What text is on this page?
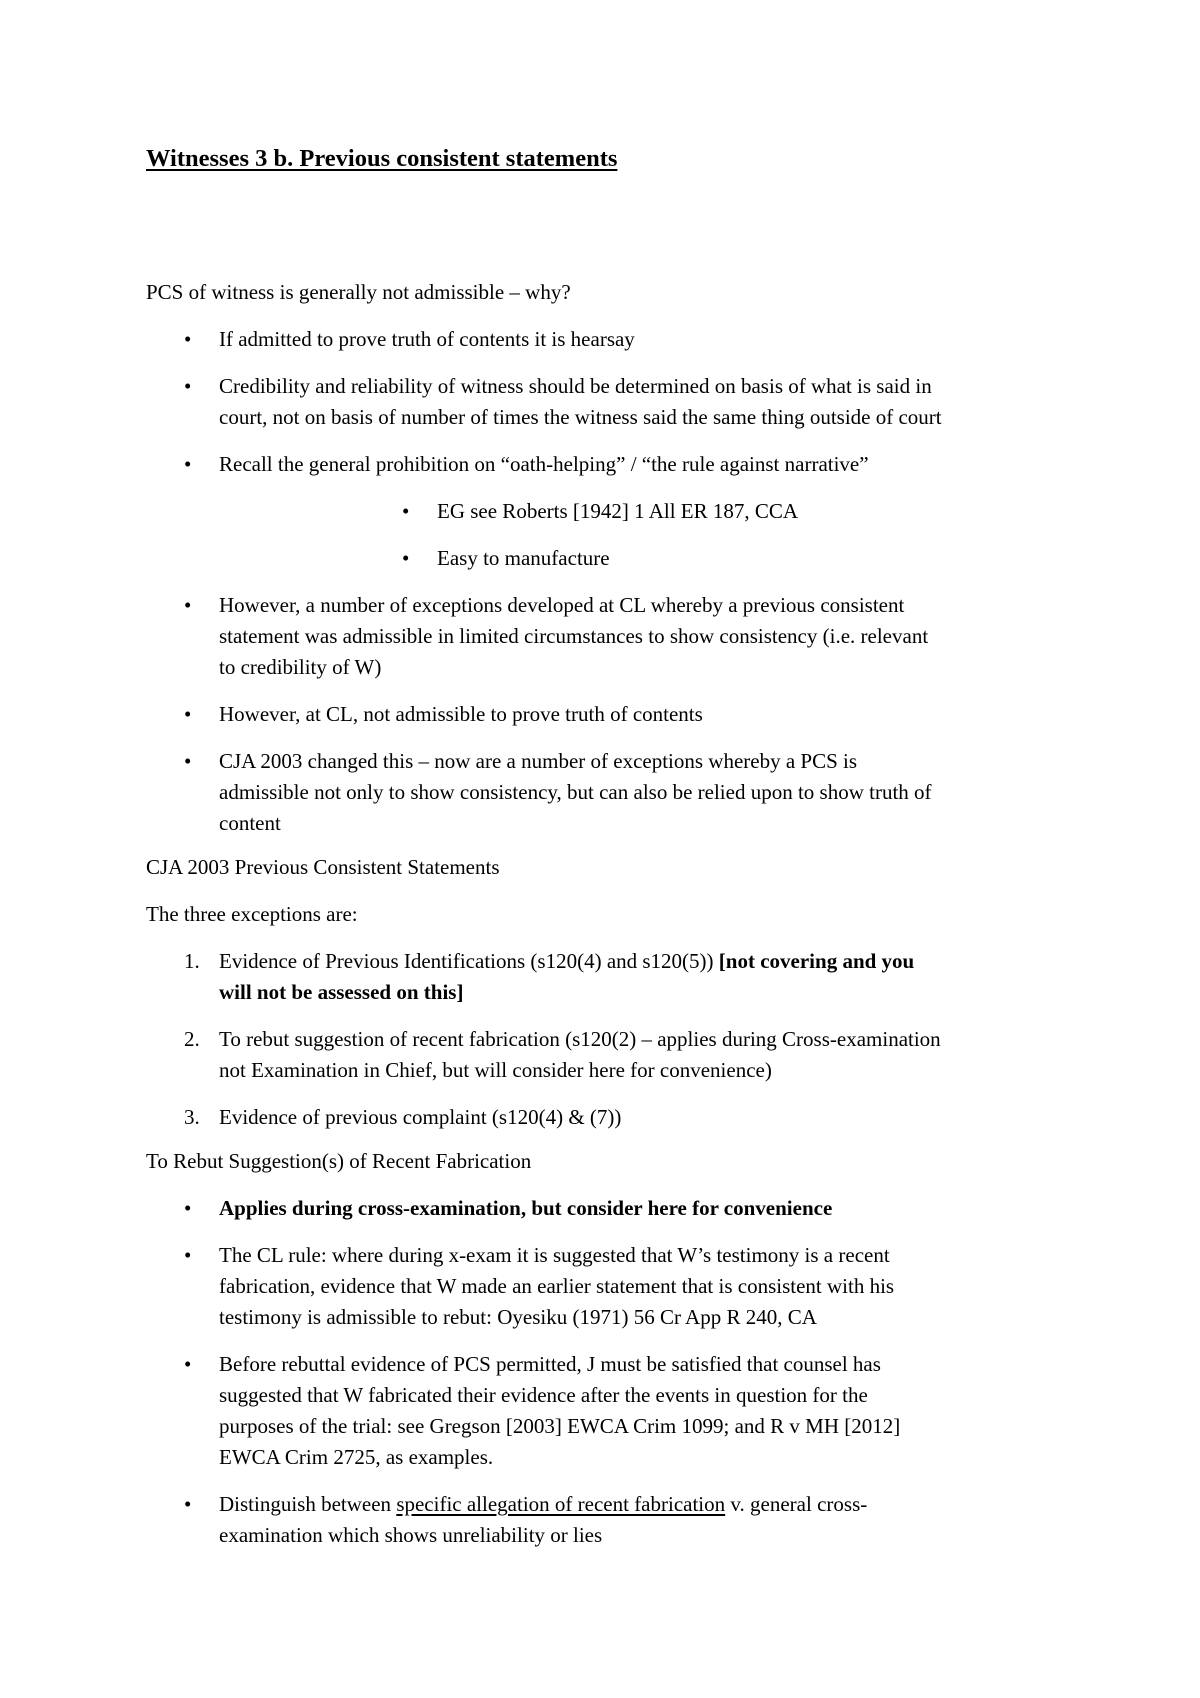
Witnesses 3 b. Previous consistent statements
PCS of witness is generally not admissible – why?
• If admitted to prove truth of contents it is hearsay
• Credibility and reliability of witness should be determined on basis of what is said in
court, not on basis of number of times the witness said the same thing outside of court
• Recall the general prohibition on “oath-helping” / “the rule against narrative”
• EG see Roberts [1942] 1 All ER 187, CCA
• Easy to manufacture
• However, a number of exceptions developed at CL whereby a previous consistent
statement was admissible in limited circumstances to show consistency (i.e. relevant
to credibility of W)
• However, at CL, not admissible to prove truth of contents
• CJA 2003 changed this – now are a number of exceptions whereby a PCS is
admissible not only to show consistency, but can also be relied upon to show truth of
content
CJA 2003 Previous Consistent Statements
The three exceptions are:
1. Evidence of Previous Identifications (s120(4) and s120(5)) [not covering and you
will not be assessed on this]
2. To rebut suggestion of recent fabrication (s120(2) – applies during Cross-examination
not Examination in Chief, but will consider here for convenience)
3. Evidence of previous complaint (s120(4) & (7))
To Rebut Suggestion(s) of Recent Fabrication
• Applies during cross-examination, but consider here for convenience
• The CL rule: where during x-exam it is suggested that W’s testimony is a recent
fabrication, evidence that W made an earlier statement that is consistent with his
testimony is admissible to rebut: Oyesiku (1971) 56 Cr App R 240, CA
• Before rebuttal evidence of PCS permitted, J must be satisfied that counsel has
suggested that W fabricated their evidence after the events in question for the
purposes of the trial: see Gregson [2003] EWCA Crim 1099; and R v MH [2012]
EWCA Crim 2725, as examples.
• Distinguish between specific allegation of recent fabrication v. general cross-
examination which shows unreliability or lies
